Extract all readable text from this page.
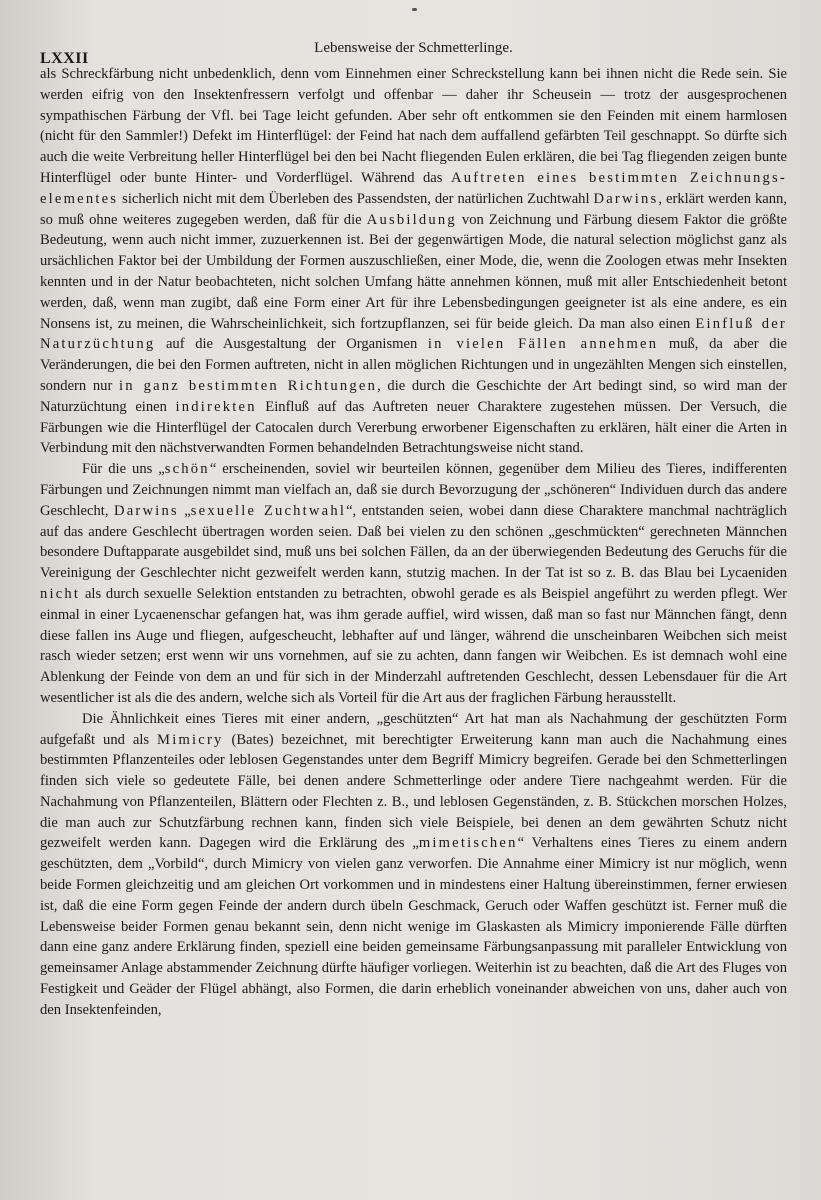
LXXII
Lebensweise der Schmetterlinge.

als Schreckfärbung nicht unbedenklich, denn vom Einnehmen einer Schreckstellung kann bei ihnen nicht die Rede sein. Sie werden eifrig von den Insektenfressern verfolgt und offenbar — daher ihr Scheusein — trotz der ausgesprochenen sympathischen Färbung der Vfl. bei Tage leicht gefunden. Aber sehr oft entkommen sie den Feinden mit einem harmlosen (nicht für den Sammler!) Defekt im Hinterflügel: der Feind hat nach dem auffallend gefärbten Teil geschnappt. So dürfte sich auch die weite Verbreitung heller Hinterflügel bei den bei Nacht fliegenden Eulen erklären, die bei Tag fliegenden zeigen bunte Hinterflügel oder bunte Hinter- und Vorderflügel. Während das Auftreten eines bestimmten Zeichnungs-elementes sicherlich nicht mit dem Überleben des Passendsten, der natürlichen Zuchtwahl Darwins, erklärt werden kann, so muß ohne weiteres zugegeben werden, daß für die Ausbildung von Zeichnung und Färbung diesem Faktor die größte Bedeutung, wenn auch nicht immer, zuzuerkennen ist. Bei der gegenwärtigen Mode, die natural selection möglichst ganz als ursächlichen Faktor bei der Umbildung der Formen auszuschließen, einer Mode, die, wenn die Zoologen etwas mehr Insekten kennten und in der Natur beobachteten, nicht solchen Umfang hätte annehmen können, muß mit aller Entschiedenheit betont werden, daß, wenn man zugibt, daß eine Form einer Art für ihre Lebensbedingungen geeigneter ist als eine andere, es ein Nonsens ist, zu meinen, die Wahrscheinlichkeit, sich fortzupflanzen, sei für beide gleich. Da man also einen Einfluß der Naturzüchtung auf die Ausgestaltung der Organismen in vielen Fällen annehmen muß, da aber die Veränderungen, die bei den Formen auftreten, nicht in allen möglichen Richtungen und in ungezählten Mengen sich einstellen, sondern nur in ganz bestimmten Richtungen, die durch die Geschichte der Art bedingt sind, so wird man der Naturzüchtung einen indirekten Einfluß auf das Auftreten neuer Charaktere zugestehen müssen. Der Versuch, die Färbungen wie die Hinterflügel der Catocalen durch Vererbung erworbener Eigenschaften zu erklären, hält einer die Arten in Verbindung mit den nächstverwandten Formen behandelnden Betrachtungsweise nicht stand.

Für die uns „schön“ erscheinenden, soviel wir beurteilen können, gegenüber dem Milieu des Tieres, indifferenten Färbungen und Zeichnungen nimmt man vielfach an, daß sie durch Bevorzugung der „schöneren“ Individuen durch das andere Geschlecht, Darwins „sexuelle Zuchtwahl“, entstanden seien, wobei dann diese Charaktere manchmal nachträglich auf das andere Geschlecht übertragen worden seien. Daß bei vielen zu den schönen „geschmückten“ gerechneten Männchen besondere Duftapparate ausgebildet sind, muß uns bei solchen Fällen, da an der überwiegenden Bedeutung des Geruchs für die Vereinigung der Geschlechter nicht gezweifelt werden kann, stutzig machen. In der Tat ist so z. B. das Blau bei Lycaeniden nicht als durch sexuelle Selektion entstanden zu betrachten, obwohl gerade es als Beispiel angeführt zu werden pflegt. Wer einmal in einer Lycaenenschar gefangen hat, was ihm gerade auffiel, wird wissen, daß man so fast nur Männchen fängt, denn diese fallen ins Auge und fliegen, aufgescheucht, lebhafter auf und länger, während die unscheinbaren Weibchen sich meist rasch wieder setzen; erst wenn wir uns vornehmen, auf sie zu achten, dann fangen wir Weibchen. Es ist demnach wohl eine Ablenkung der Feinde von dem an und für sich in der Minderzahl auftretenden Geschlecht, dessen Lebensdauer für die Art wesentlicher ist als die des andern, welche sich als Vorteil für die Art aus der fraglichen Färbung herausstellt.

Die Ähnlichkeit eines Tieres mit einer andern, „geschützten“ Art hat man als Nachahmung der geschützten Form aufgefaßt und als Mimicry (Bates) bezeichnet, mit berechtigter Erweiterung kann man auch die Nachahmung eines bestimmten Pflanzenteiles oder leblosen Gegenstandes unter dem Begriff Mimicry begreifen. Gerade bei den Schmetterlingen finden sich viele so gedeutete Fälle, bei denen andere Schmetterlinge oder andere Tiere nachgeahmt werden. Für die Nachahmung von Pflanzenteilen, Blättern oder Flechten z. B., und leblosen Gegenständen, z. B. Stückchen morschen Holzes, die man auch zur Schutzfärbung rechnen kann, finden sich viele Beispiele, bei denen an dem gewährten Schutz nicht gezweifelt werden kann. Dagegen wird die Erklärung des „mimetischen“ Verhaltens eines Tieres zu einem andern geschützten, dem „Vorbild“, durch Mimicry von vielen ganz verworfen. Die Annahme einer Mimicry ist nur möglich, wenn beide Formen gleichzeitig und am gleichen Ort vorkommen und in mindestens einer Haltung übereinstimmen, ferner erwiesen ist, daß die eine Form gegen Feinde der andern durch übeln Geschmack, Geruch oder Waffen geschützt ist. Ferner muß die Lebensweise beider Formen genau bekannt sein, denn nicht wenige im Glaskasten als Mimicry imponierende Fälle dürften dann eine ganz andere Erklärung finden, speziell eine beiden gemeinsame Färbungsanpassung mit paralleler Entwicklung von gemeinsamer Anlage abstammender Zeichnung dürfte häufiger vorliegen. Weiterhin ist zu beachten, daß die Art des Fluges von Festigkeit und Geäder der Flügel abhängt, also Formen, die darin erheblich voneinander abweichen von uns, daher auch von den Insektenfeinden,
